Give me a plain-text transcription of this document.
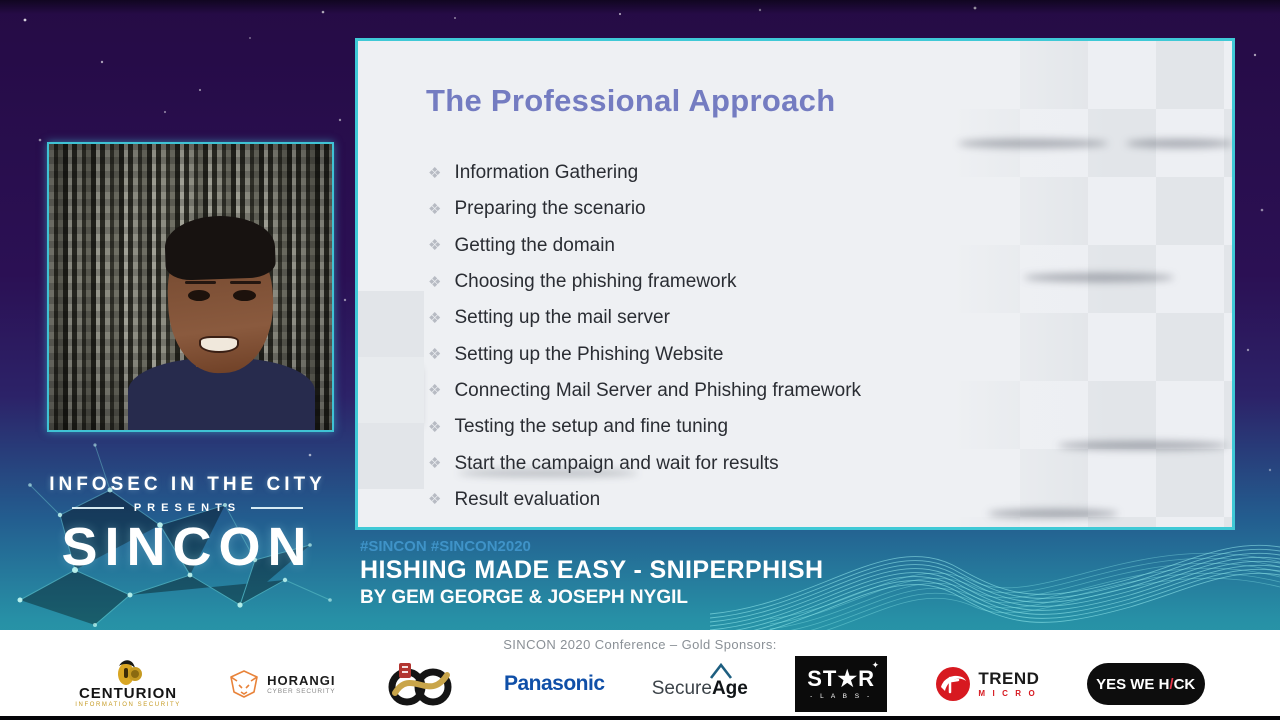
The Professional Approach
❖ Information Gathering
❖ Preparing the scenario
❖ Getting the domain
❖ Choosing the phishing framework
❖ Setting up the mail server
❖ Setting up the Phishing Website
❖ Connecting Mail Server and Phishing framework
❖ Testing the setup and fine tuning
❖ Start the campaign and wait for results
❖ Result evaluation
INFOSEC IN THE CITY
PRESENTS
SINCON	#SINCON #SINCON2020
HISHING MADE EASY - SNIPERPHISH
BY GEM GEORGE & JOSEPH NYGIL
SINCON 2020 Conference – Gold Sponsors:
CENTURION
INFORMATION SECURITY
HORANGI
CYBER SECURITY	Panasonic Secure Age
✦
ST★R
- L A B S -
TREND
M I C R O
YES WE H/CK
